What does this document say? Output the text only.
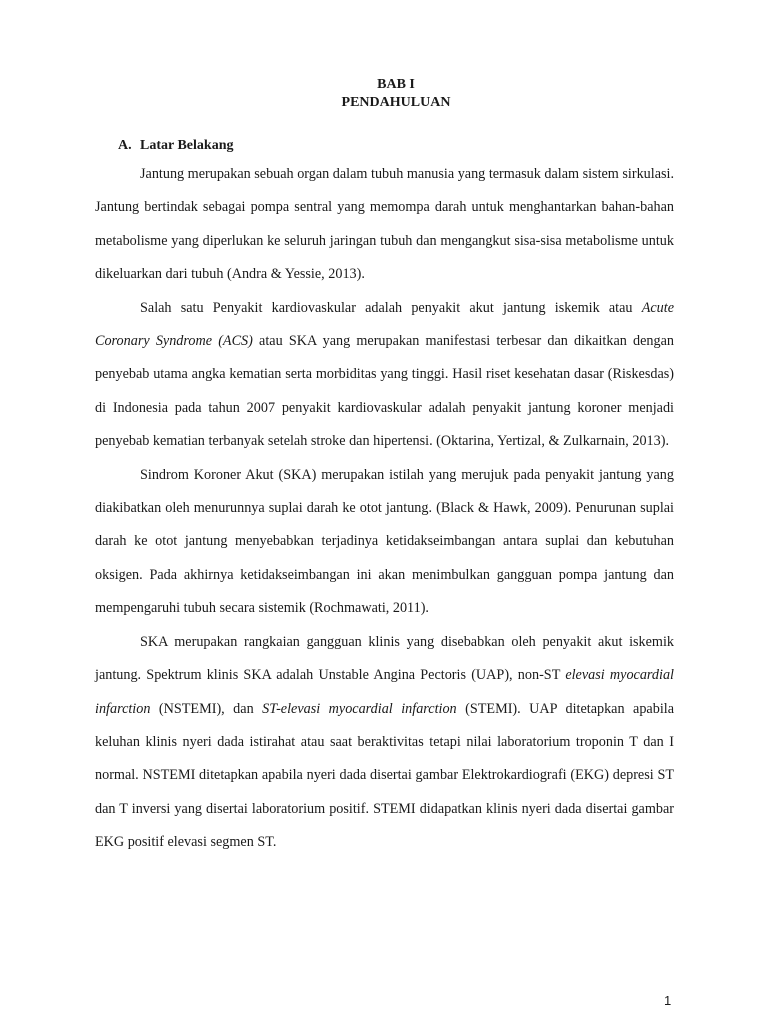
BAB I
PENDAHULUAN
A. Latar Belakang

Jantung merupakan sebuah organ dalam tubuh manusia yang termasuk dalam sistem sirkulasi. Jantung bertindak sebagai pompa sentral yang memompa darah untuk menghantarkan bahan-bahan metabolisme yang diperlukan ke seluruh jaringan tubuh dan mengangkut sisa-sisa metabolisme untuk dikeluarkan dari tubuh (Andra & Yessie, 2013).

Salah satu Penyakit kardiovaskular adalah penyakit akut jantung iskemik atau Acute Coronary Syndrome (ACS) atau SKA yang merupakan manifestasi terbesar dan dikaitkan dengan penyebab utama angka kematian serta morbiditas yang tinggi. Hasil riset kesehatan dasar (Riskesdas) di Indonesia pada tahun 2007 penyakit kardiovaskular adalah penyakit jantung koroner menjadi penyebab kematian terbanyak setelah stroke dan hipertensi. (Oktarina, Yertizal, & Zulkarnain, 2013).

Sindrom Koroner Akut (SKA) merupakan istilah yang merujuk pada penyakit jantung yang diakibatkan oleh menurunnya suplai darah ke otot jantung. (Black & Hawk, 2009). Penurunan suplai darah ke otot jantung menyebabkan terjadinya ketidakseimbangan antara suplai dan kebutuhan oksigen. Pada akhirnya ketidakseimbangan ini akan menimbulkan gangguan pompa jantung dan mempengaruhi tubuh secara sistemik (Rochmawati, 2011).

SKA merupakan rangkaian gangguan klinis yang disebabkan oleh penyakit akut iskemik jantung. Spektrum klinis SKA adalah Unstable Angina Pectoris (UAP), non-ST elevasi myocardial infarction (NSTEMI), dan ST-elevasi myocardial infarction (STEMI). UAP ditetapkan apabila keluhan klinis nyeri dada istirahat atau saat beraktivitas tetapi nilai laboratorium troponin T dan I normal. NSTEMI ditetapkan apabila nyeri dada disertai gambar Elektrokardiografi (EKG) depresi ST dan T inversi yang disertai laboratorium positif. STEMI didapatkan klinis nyeri dada disertai gambar EKG positif elevasi segmen ST.

1
